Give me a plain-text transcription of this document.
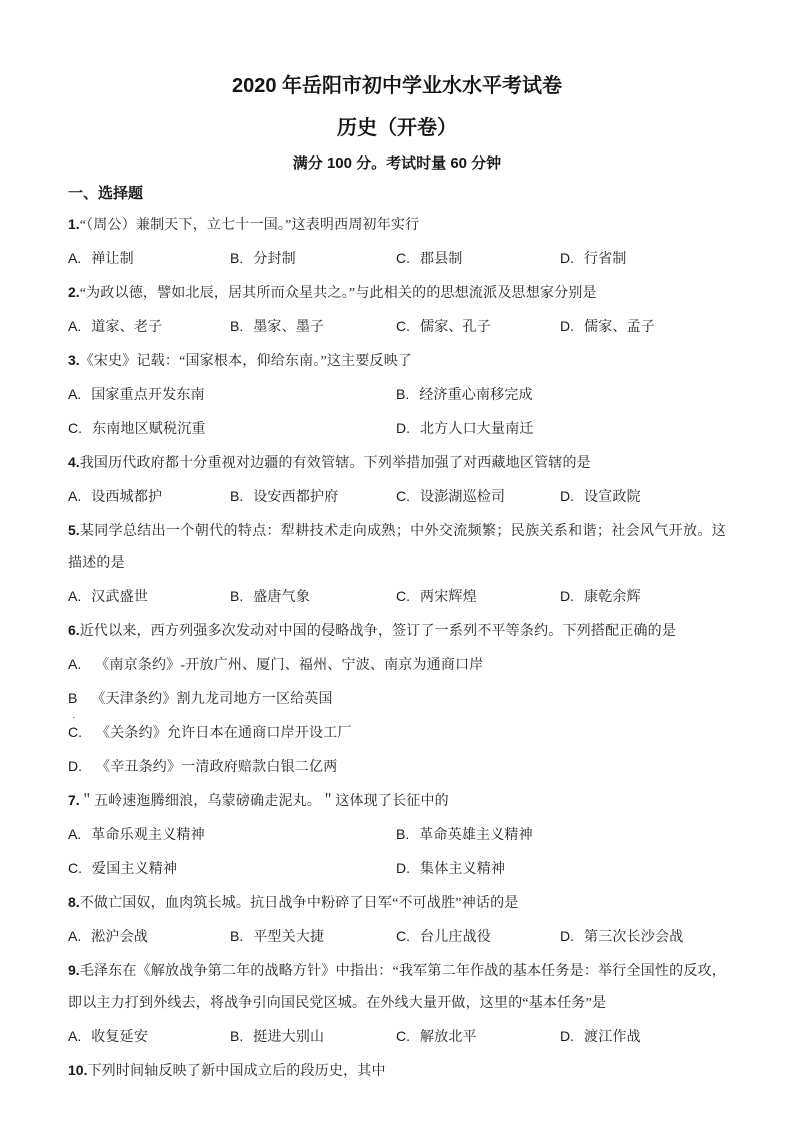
2020 年岳阳市初中学业水水平考试卷
历史（开卷）
满分 100 分。考试时量 60 分钟
一、选择题
1.“（周公）兼制天下，立七十一国。”这表明西周初年实行
A. 禅让制	B. 分封制	C. 郡县制	D. 行省制
2.“为政以德，譬如北辰，居其所而众星共之。”与此相关的的思想流派及思想家分别是
A. 道家、老子	B. 墨家、墨子	C. 儒家、孔子	D. 儒家、孟子
3.《宋史》记载：“国家根本，仰给东南。”这主要反映了
A. 国家重点开发东南	B. 经济重心南移完成
C. 东南地区赋税沉重	D. 北方人口大量南迁
4.我国历代政府都十分重视对边疆的有效管辖。下列举措加强了对西藏地区管辖的是
A. 设西城都护	B. 设安西都护府	C. 设澎湖巡检司	D. 设宣政院
5.某同学总结出一个朝代的特点：犁耕技术走向成熟；中外交流频繁；民族关系和谐；社会风气开放。这描述的是
A. 汉武盛世	B. 盛唐气象	C. 两宋辉煌	D. 康乾余辉
6.近代以来，西方列强多次发动对中国的侵略战争，签订了一系列不平等条约。下列搭配正确的是
A. 《南京条约》-开放广州、厦门、福州、宁波、南京为通商口岸
B 《天津条约》割九龙司地方一区给英国
·
C. 《关条约》允许日本在通商口岸开设工厂
D. 《辛丑条约》一清政府赔款白银二亿两
7.＂五岭速迤腾细浪，乌蒙磅确走泥丸。＂这体现了长征中的
A. 革命乐观主义精神	B. 革命英雄主义精神
C. 爱国主义精神	D. 集体主义精神
8.不做亡国奴，血肉筑长城。抗日战争中粉碎了日军“不可战胜”神话的是
A. 淞沪会战	B. 平型关大捷	C. 台儿庄战役	D. 第三次长沙会战
9.毛泽东在《解放战争第二年的战略方针》中指出：“我军第二年作战的基本任务是：举行全国性的反攻，即以主力打到外线去，将战争引向国民党区城。在外线大量开做，这里的“基本任务”是
A. 收复延安	B. 挺进大别山	C. 解放北平	D. 渡江作战
10.下列时间轴反映了新中国成立后的段历史，其中
